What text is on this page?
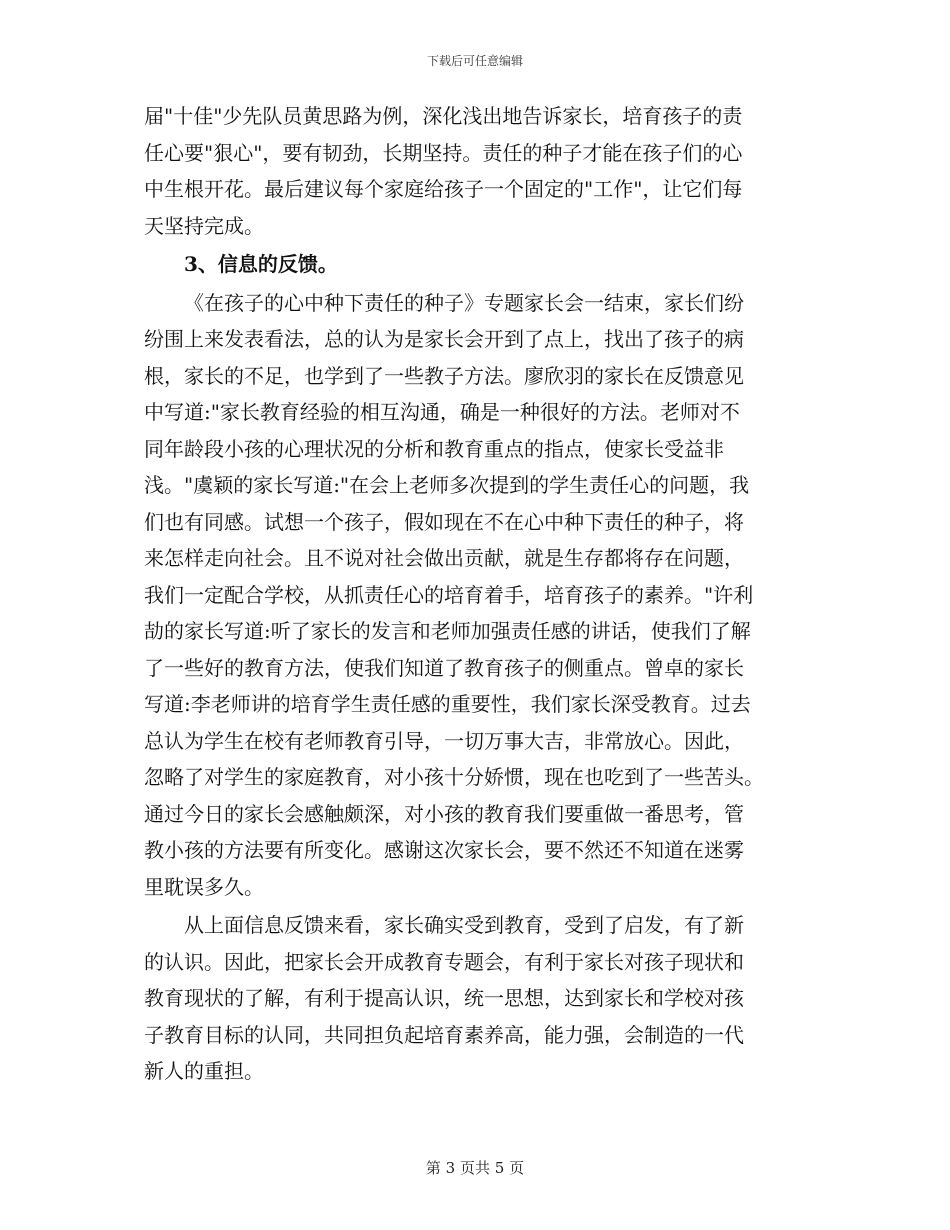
下载后可任意编辑
届"十佳"少先队员黄思路为例，深化浅出地告诉家长，培育孩子的责
任心要"狠心"，要有韧劲，长期坚持。责任的种子才能在孩子们的心
中生根开花。最后建议每个家庭给孩子一个固定的"工作"，让它们每
天坚持完成。
3、信息的反馈。
《在孩子的心中种下责任的种子》专题家长会一结束，家长们纷
纷围上来发表看法，总的认为是家长会开到了点上，找出了孩子的病
根，家长的不足，也学到了一些教子方法。廖欣羽的家长在反馈意见
中写道:"家长教育经验的相互沟通，确是一种很好的方法。老师对不
同年龄段小孩的心理状况的分析和教育重点的指点，使家长受益非
浅。"虞颖的家长写道:"在会上老师多次提到的学生责任心的问题，我
们也有同感。试想一个孩子，假如现在不在心中种下责任的种子，将
来怎样走向社会。且不说对社会做出贡献，就是生存都将存在问题，
我们一定配合学校，从抓责任心的培育着手，培育孩子的素养。"许利
劼的家长写道:听了家长的发言和老师加强责任感的讲话，使我们了解
了一些好的教育方法，使我们知道了教育孩子的侧重点。曾卓的家长
写道:李老师讲的培育学生责任感的重要性，我们家长深受教育。过去
总认为学生在校有老师教育引导，一切万事大吉，非常放心。因此，
忽略了对学生的家庭教育，对小孩十分娇惯，现在也吃到了一些苦头。
通过今日的家长会感触颇深，对小孩的教育我们要重做一番思考，管
教小孩的方法要有所变化。感谢这次家长会，要不然还不知道在迷雾
里耽误多久。
从上面信息反馈来看，家长确实受到教育，受到了启发，有了新
的认识。因此，把家长会开成教育专题会，有利于家长对孩子现状和
教育现状的了解，有利于提高认识，统一思想，达到家长和学校对孩
子教育目标的认同，共同担负起培育素养高，能力强，会制造的一代
新人的重担。
第 3 页共 5 页
